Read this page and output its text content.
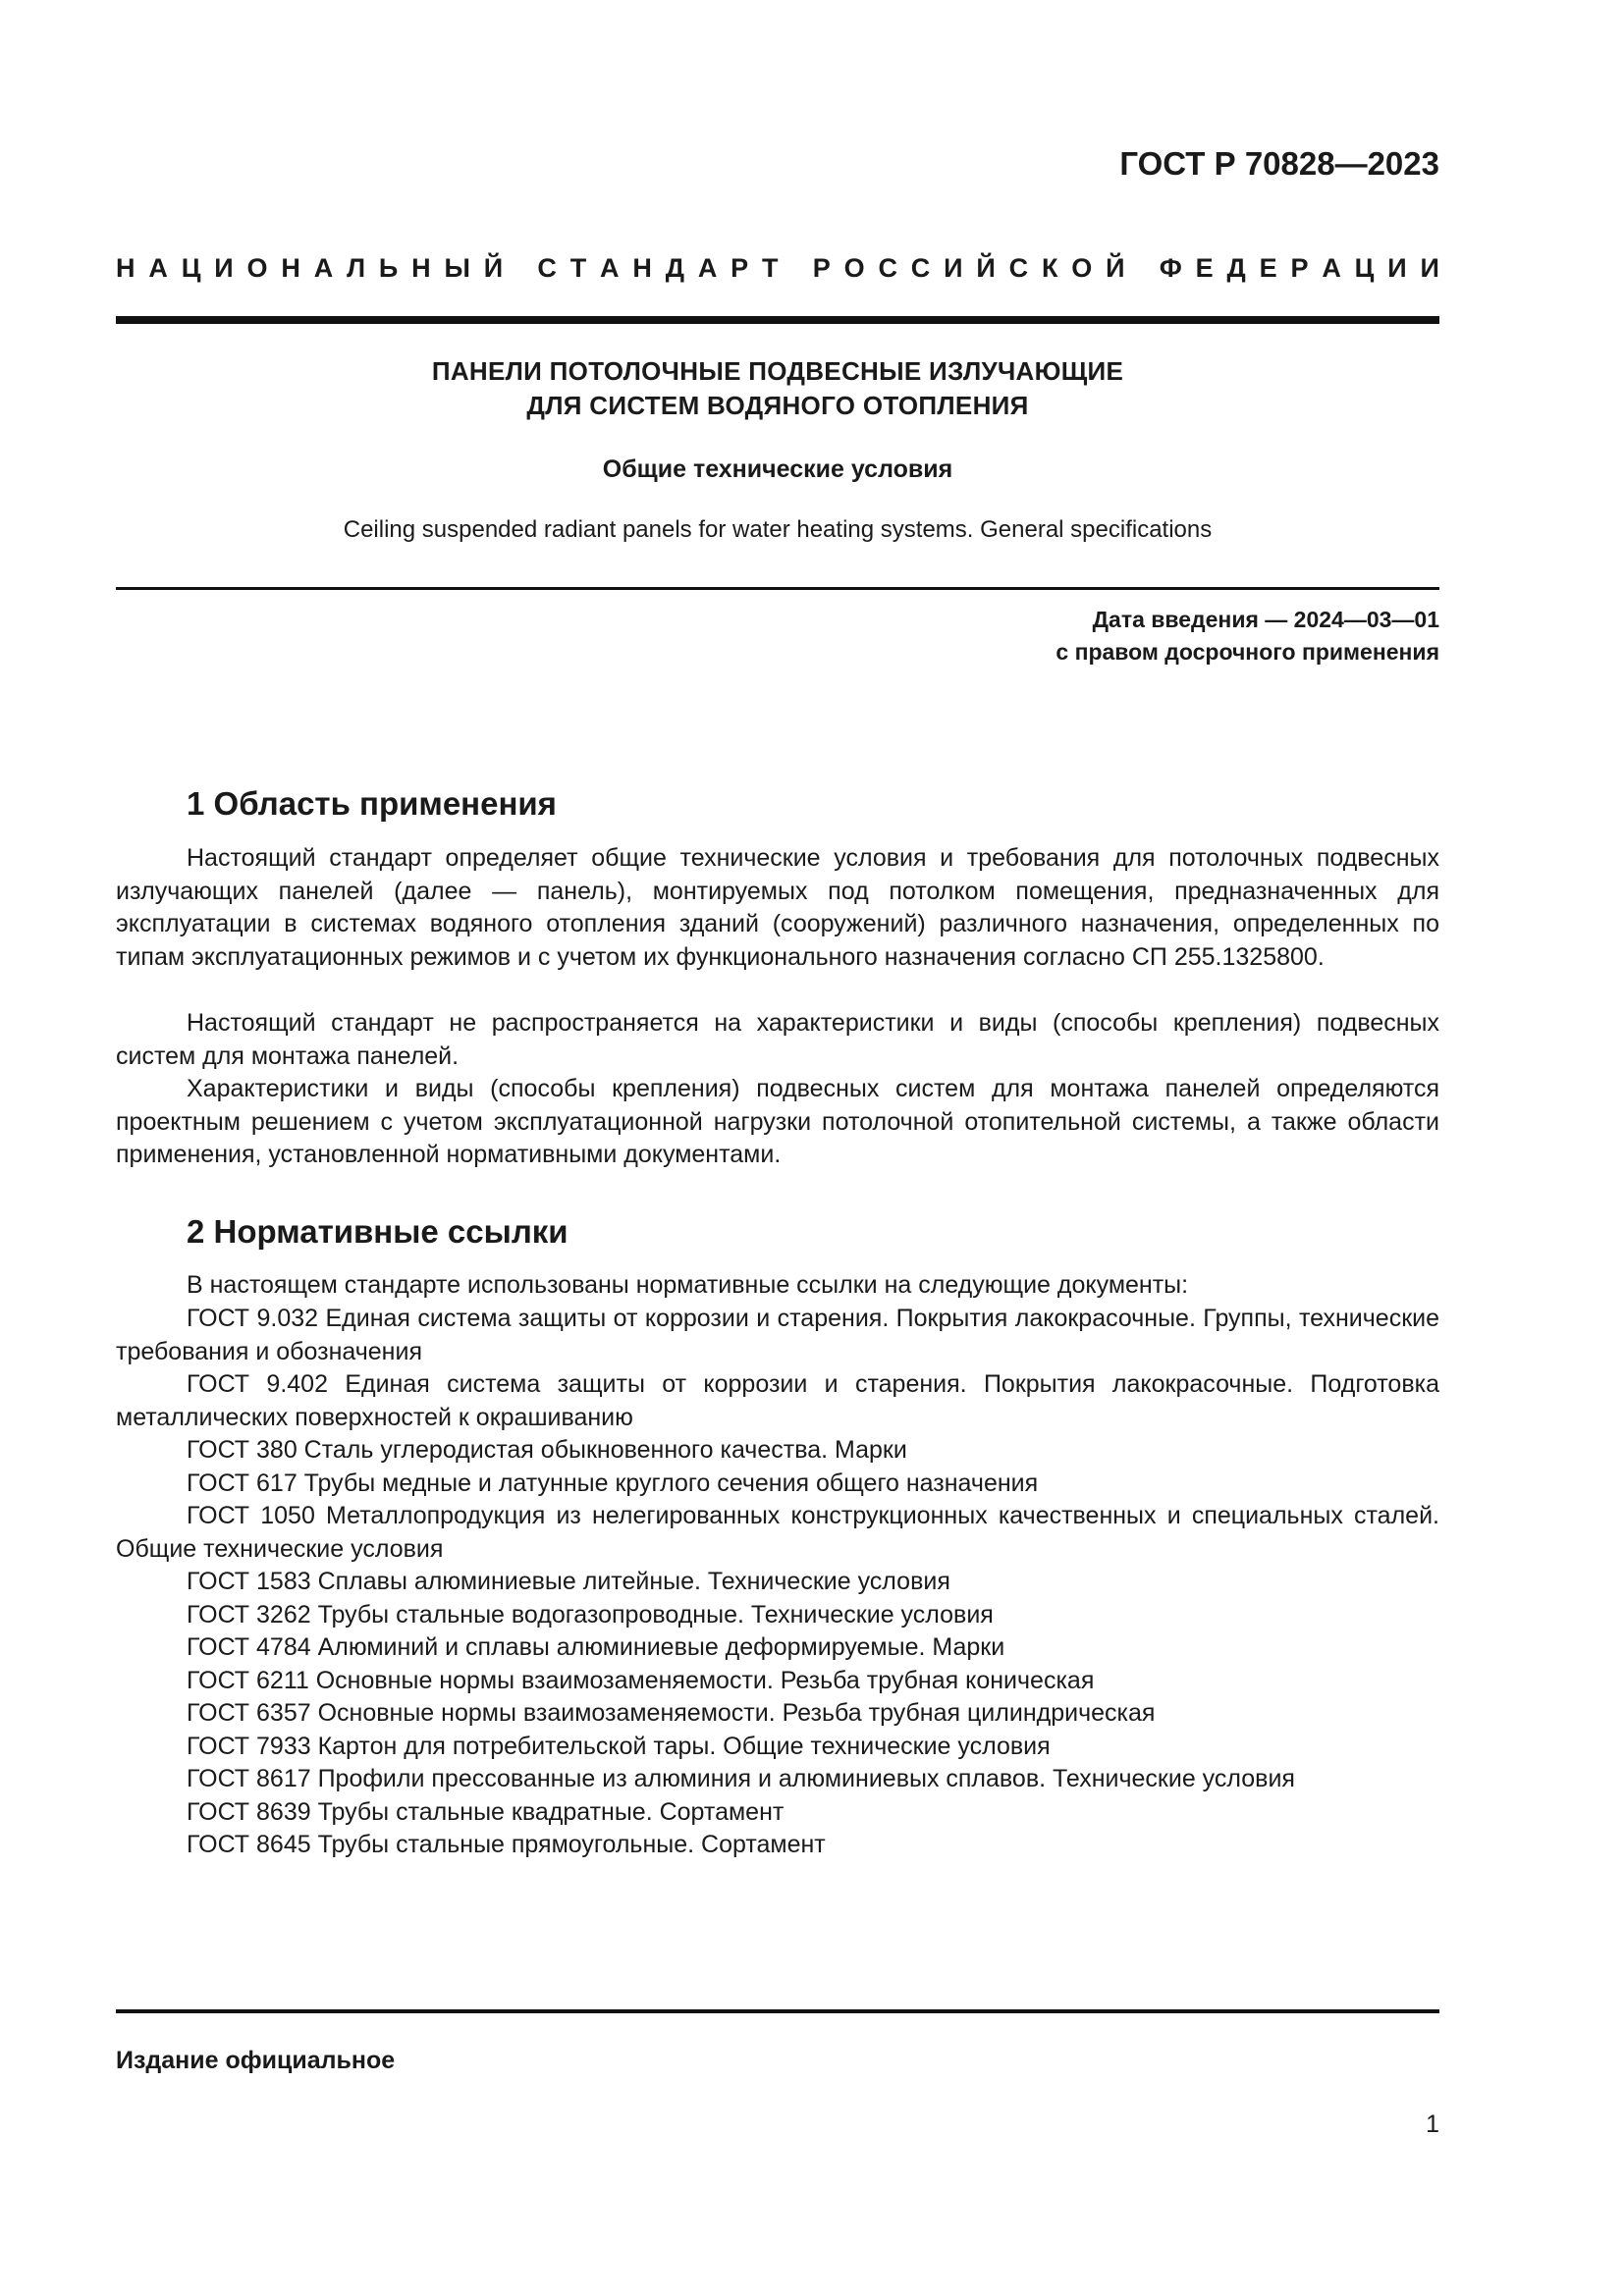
ГОСТ Р 70828—2023
Н А Ц И О Н А Л Ь Н Ы Й
С Т А Н Д А Р Т
Р О С С И Й С К О Й
Ф Е Д Е Р А Ц И И
ПАНЕЛИ ПОТОЛОЧНЫЕ ПОДВЕСНЫЕ ИЗЛУЧАЮЩИЕ
ДЛЯ СИСТЕМ ВОДЯНОГО ОТОПЛЕНИЯ
Общие технические условия
Ceiling suspended radiant panels for water heating systems. General specifications
Дата введения — 2024—03—01
с правом досрочного применения
1 Область применения
Настоящий стандарт определяет общие технические условия и требования для потолочных подвесных излучающих панелей (далее — панель), монтируемых под потолком помещения, предназначенных для эксплуатации в системах водяного отопления зданий (сооружений) различного назначения, определенных по типам эксплуатационных режимов и с учетом их функционального назначения согласно СП 255.1325800.
Настоящий стандарт не распространяется на характеристики и виды (способы крепления) подвесных систем для монтажа панелей.
Характеристики и виды (способы крепления) подвесных систем для монтажа панелей определяются проектным решением с учетом эксплуатационной нагрузки потолочной отопительной системы, а также области применения, установленной нормативными документами.
2 Нормативные ссылки
В настоящем стандарте использованы нормативные ссылки на следующие документы:
ГОСТ 9.032 Единая система защиты от коррозии и старения. Покрытия лакокрасочные. Группы, технические требования и обозначения
ГОСТ 9.402 Единая система защиты от коррозии и старения. Покрытия лакокрасочные. Подготовка металлических поверхностей к окрашиванию
ГОСТ 380 Сталь углеродистая обыкновенного качества. Марки
ГОСТ 617 Трубы медные и латунные круглого сечения общего назначения
ГОСТ 1050 Металлопродукция из нелегированных конструкционных качественных и специальных сталей. Общие технические условия
ГОСТ 1583 Сплавы алюминиевые литейные. Технические условия
ГОСТ 3262 Трубы стальные водогазопроводные. Технические условия
ГОСТ 4784 Алюминий и сплавы алюминиевые деформируемые. Марки
ГОСТ 6211 Основные нормы взаимозаменяемости. Резьба трубная коническая
ГОСТ 6357 Основные нормы взаимозаменяемости. Резьба трубная цилиндрическая
ГОСТ 7933 Картон для потребительской тары. Общие технические условия
ГОСТ 8617 Профили прессованные из алюминия и алюминиевых сплавов. Технические условия
ГОСТ 8639 Трубы стальные квадратные. Сортамент
ГОСТ 8645 Трубы стальные прямоугольные. Сортамент
Издание официальное
1
